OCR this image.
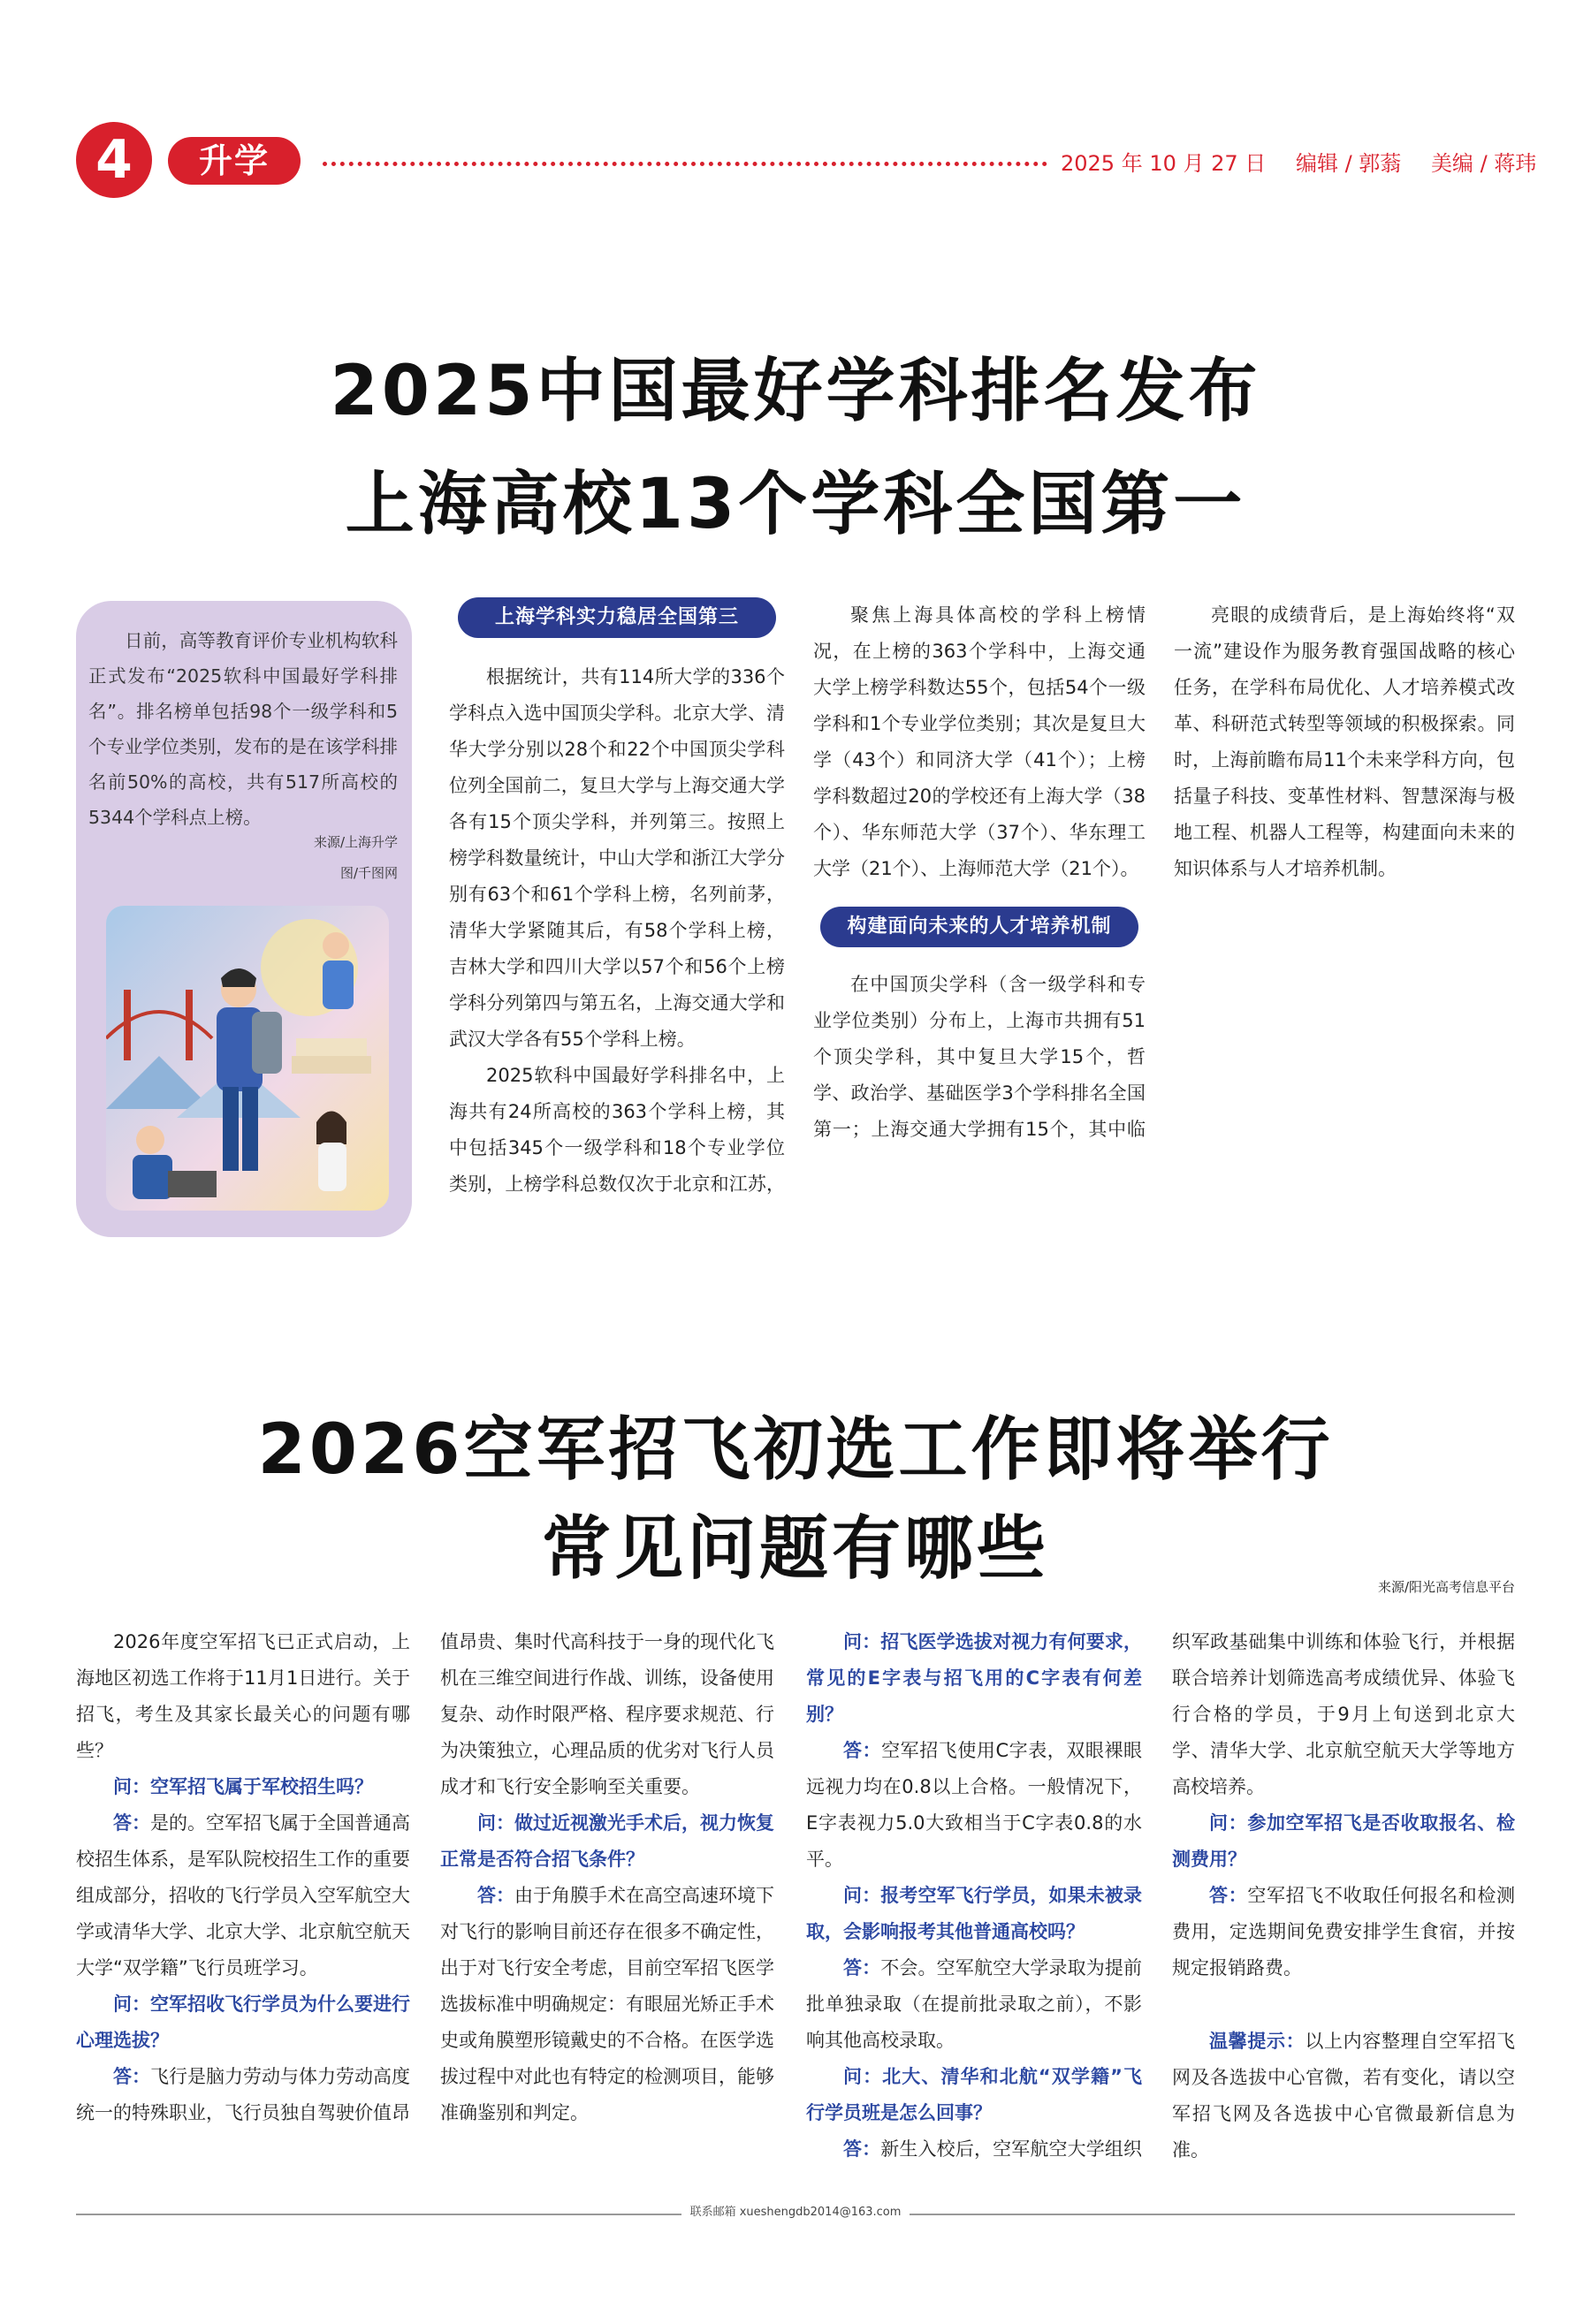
4	升学	2025 年 10 月 27 日 编辑 / 郭蓊 美编 / 蒋玮
2025中国最好学科排名发布
上海高校13个学科全国第一
日前，高等教育评价专业机构软科正式发布“2025软科中国最好学科排名”。排名榜单包括98个一级学科和5个专业学位类别，发布的是在该学科排名前50%的高校，共有517所高校的5344个学科点上榜。
来源/上海升学
图/千图网
上海学科实力稳居全国第三

根据统计，共有114所大学的336个学科点入选中国顶尖学科。北京大学、清华大学分别以28个和22个中国顶尖学科位列全国前二，复旦大学与上海交通大学各有15个顶尖学科，并列第三。按照上榜学科数量统计，中山大学和浙江大学分别有63个和61个学科上榜，名列前茅，清华大学紧随其后，有58个学科上榜，吉林大学和四川大学以57个和56个上榜学科分列第四与第五名，上海交通大学和武汉大学各有55个学科上榜。

2025软科中国最好学科排名中，上海共有24所高校的363个学科上榜，其中包括345个一级学科和18个专业学位类别，上榜学科总数仅次于北京和江苏，

聚焦上海具体高校的学科上榜情况，在上榜的363个学科中，上海交通大学上榜学科数达55个，包括54个一级学科和1个专业学位类别；其次是复旦大学（43个）和同济大学（41个）；上榜学科数超过20的学校还有上海大学（38个）、华东师范大学（37个）、华东理工大学（21个）、上海师范大学（21个）。

构建面向未来的人才培养机制

在中国顶尖学科（含一级学科和专业学位类别）分布上，上海市共拥有51个顶尖学科，其中复旦大学15个，哲学、政治学、基础医学3个学科排名全国第一；上海交通大学拥有15个，其中临

亮眼的成绩背后，是上海始终将“双一流”建设作为服务教育强国战略的核心任务，在学科布局优化、人才培养模式改革、科研范式转型等领域的积极探索。同时，上海前瞻布局11个未来学科方向，包括量子科技、变革性材料、智慧深海与极地工程、机器人工程等，构建面向未来的知识体系与人才培养机制。

2026空军招飞初选工作即将举行
常见问题有哪些	来源/阳光高考信息平台

2026年度空军招飞已正式启动，上海地区初选工作将于11月1日进行。关于招飞，考生及其家长最关心的问题有哪些？

问：空军招飞属于军校招生吗？

答：是的。空军招飞属于全国普通高校招生体系，是军队院校招生工作的重要组成部分，招收的飞行学员入空军航空大学或清华大学、北京大学、北京航空航天大学“双学籍”飞行员班学习。

问：空军招收飞行学员为什么要进行心理选拔？

答：飞行是脑力劳动与体力劳动高度统一的特殊职业，飞行员独自驾驶价值昂

值昂贵、集时代高科技于一身的现代化飞机在三维空间进行作战、训练，设备使用复杂、动作时限严格、程序要求规范、行为决策独立，心理品质的优劣对飞行人员成才和飞行安全影响至关重要。

问：做过近视激光手术后，视力恢复正常是否符合招飞条件？

答：由于角膜手术在高空高速环境下对飞行的影响目前还存在很多不确定性，出于对飞行安全考虑，目前空军招飞医学选拔标准中明确规定：有眼屈光矫正手术史或角膜塑形镜戴史的不合格。在医学选拔过程中对此也有特定的检测项目，能够准确鉴别和判定。

问：招飞医学选拔对视力有何要求，常见的E字表与招飞用的C字表有何差别？

答：空军招飞使用C字表，双眼裸眼远视力均在0.8以上合格。一般情况下，E字表视力5.0大致相当于C字表0.8的水平。

问：报考空军飞行学员，如果未被录取，会影响报考其他普通高校吗？

答：不会。空军航空大学录取为提前批单独录取（在提前批录取之前），不影响其他高校录取。

问：北大、清华和北航“双学籍”飞行学员班是怎么回事？

答：新生入校后，空军航空大学组织

织军政基础集中训练和体验飞行，并根据联合培养计划筛选高考成绩优异、体验飞行合格的学员，于9月上旬送到北京大学、清华大学、北京航空航天大学等地方高校培养。

问：参加空军招飞是否收取报名、检测费用？

答：空军招飞不收取任何报名和检测费用，定选期间免费安排学生食宿，并按规定报销路费。

温馨提示：以上内容整理自空军招飞网及各选拔中心官微，若有变化，请以空军招飞网及各选拔中心官微最新信息为准。

联系邮箱 xueshengdb2014@163.com
